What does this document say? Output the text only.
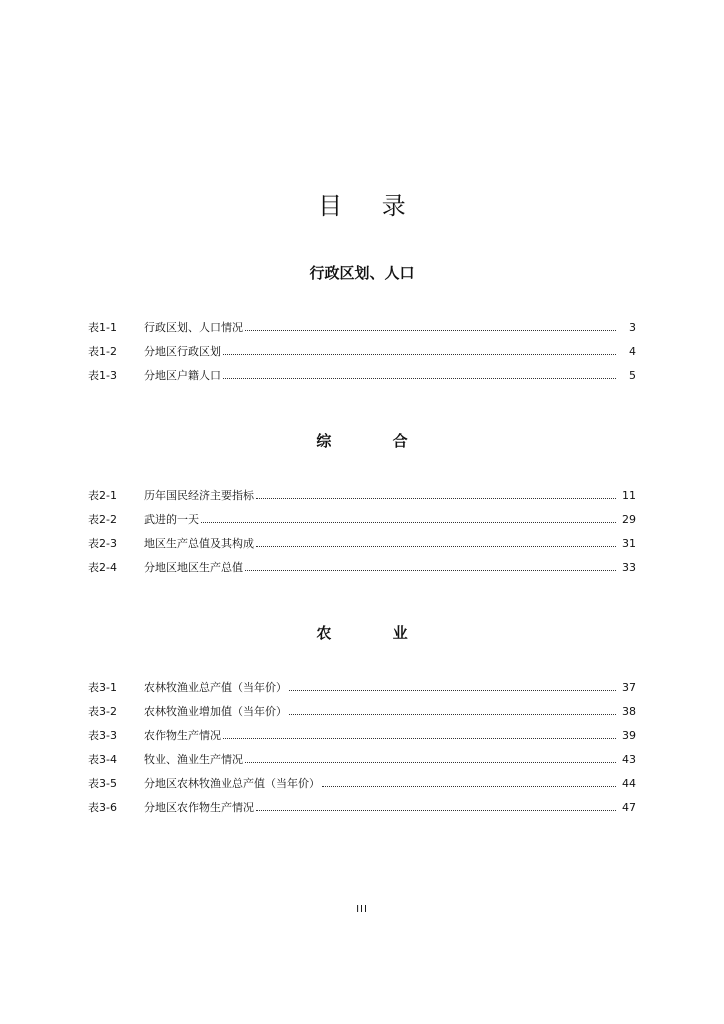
目 录
行政区划、人口
表1-1	行政区划、人口情况	3
表1-2	分地区行政区划	4
表1-3	分地区户籍人口	5
综 合
表2-1	历年国民经济主要指标	11
表2-2	武进的一天	29
表2-3	地区生产总值及其构成	31
表2-4	分地区地区生产总值	33
农 业
表3-1	农林牧渔业总产值（当年价）	37
表3-2	农林牧渔业增加值（当年价）	38
表3-3	农作物生产情况	39
表3-4	牧业、渔业生产情况	43
表3-5	分地区农林牧渔业总产值（当年价）	44
表3-6	分地区农作物生产情况	47
III
